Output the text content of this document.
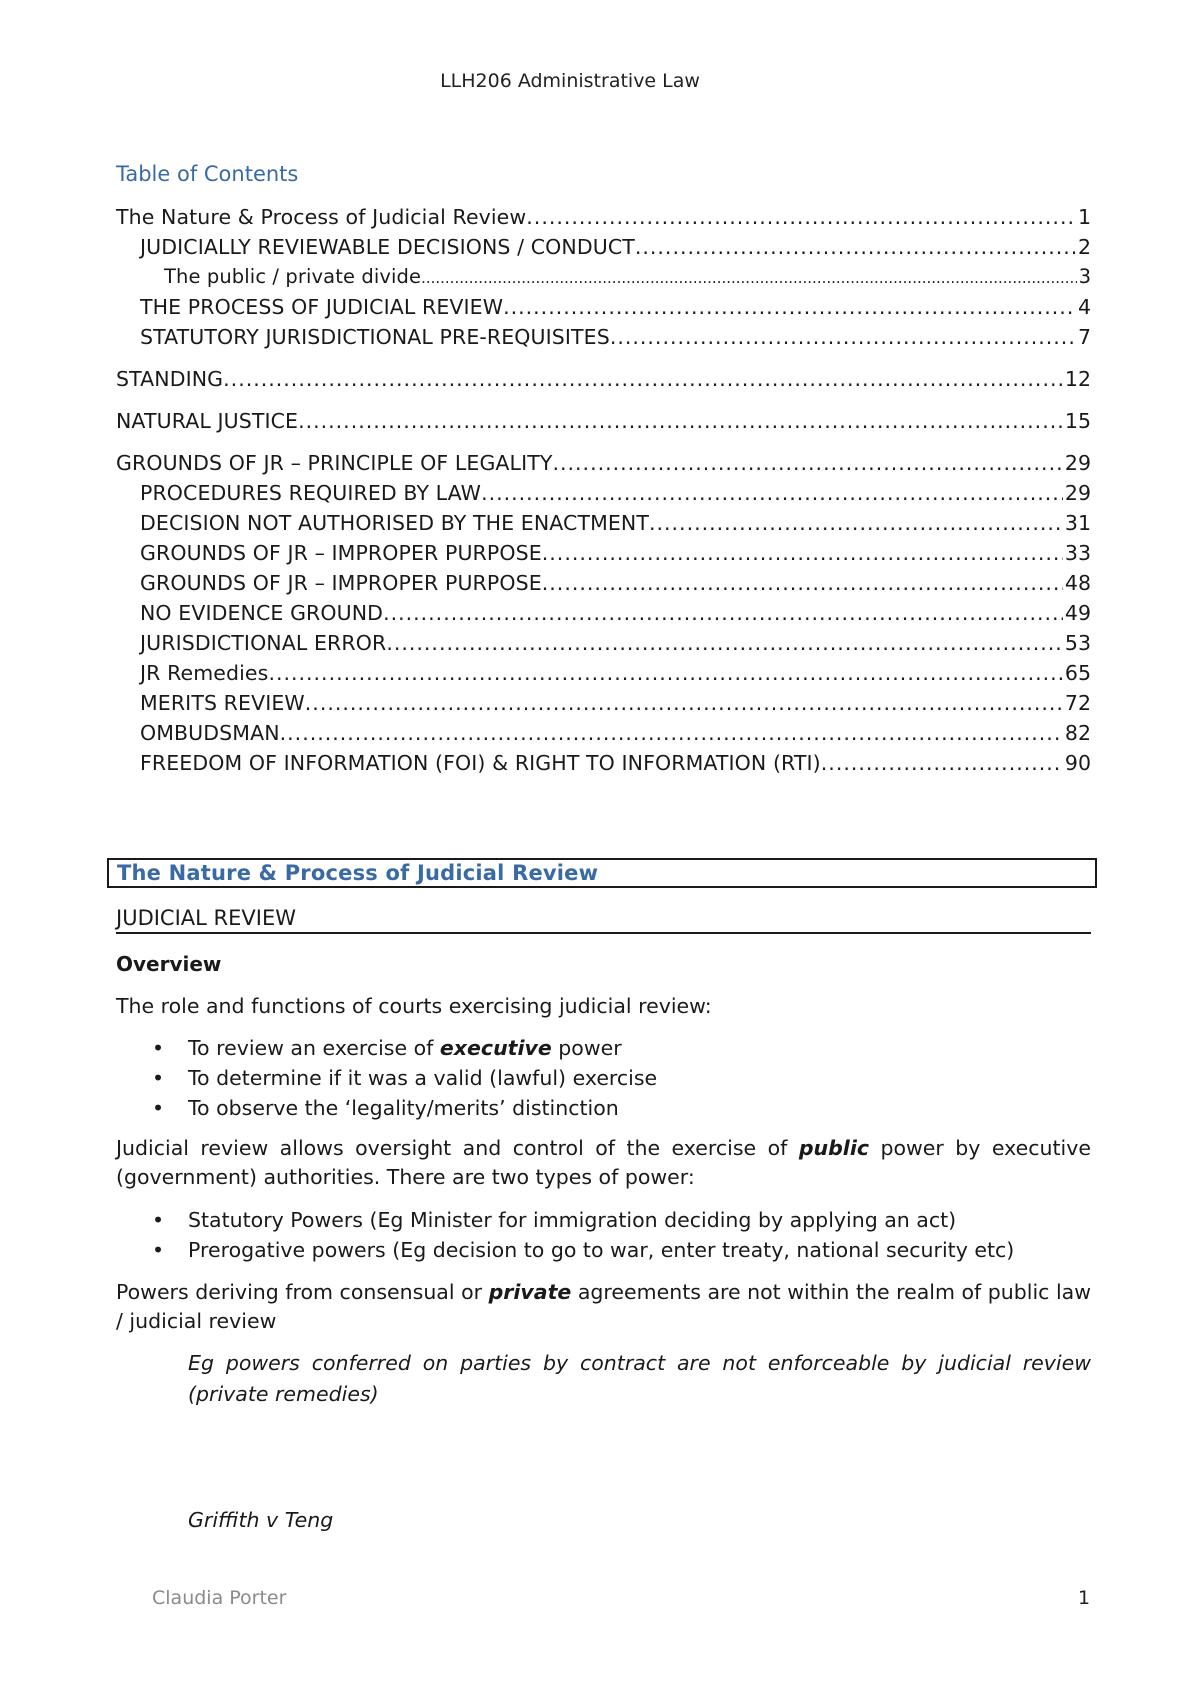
LLH206 Administrative Law
Table of Contents
The Nature & Process of Judicial Review .....	1
JUDICIALLY REVIEWABLE DECISIONS / CONDUCT .....	2
The public / private divide .....	3
THE PROCESS OF JUDICIAL REVIEW .....	4
STATUTORY JURISDICTIONAL PRE-REQUISITES .....	7
STANDING .....	12
NATURAL JUSTICE .....	15
GROUNDS OF JR – PRINCIPLE OF LEGALITY .....	29
PROCEDURES REQUIRED BY LAW .....	29
DECISION NOT AUTHORISED BY THE ENACTMENT .....	31
GROUNDS OF JR – IMPROPER PURPOSE .....	33
GROUNDS OF JR – IMPROPER PURPOSE .....	48
NO EVIDENCE GROUND .....	49
JURISDICTIONAL ERROR .....	53
JR Remedies .....	65
MERITS REVIEW .....	72
OMBUDSMAN .....	82
FREEDOM OF INFORMATION (FOI) & RIGHT TO INFORMATION (RTI) .....	90
The Nature & Process of Judicial Review
JUDICIAL REVIEW
Overview
The role and functions of courts exercising judicial review:
• To review an exercise of executive power
• To determine if it was a valid (lawful) exercise
• To observe the ‘legality/merits’ distinction
Judicial review allows oversight and control of the exercise of public power by executive (government) authorities. There are two types of power:
• Statutory Powers (Eg Minister for immigration deciding by applying an act)
• Prerogative powers (Eg decision to go to war, enter treaty, national security etc)
Powers deriving from consensual or private agreements are not within the realm of public law / judicial review
Eg powers conferred on parties by contract are not enforceable by judicial review (private remedies)
Griffith v Teng
Claudia Porter	1
